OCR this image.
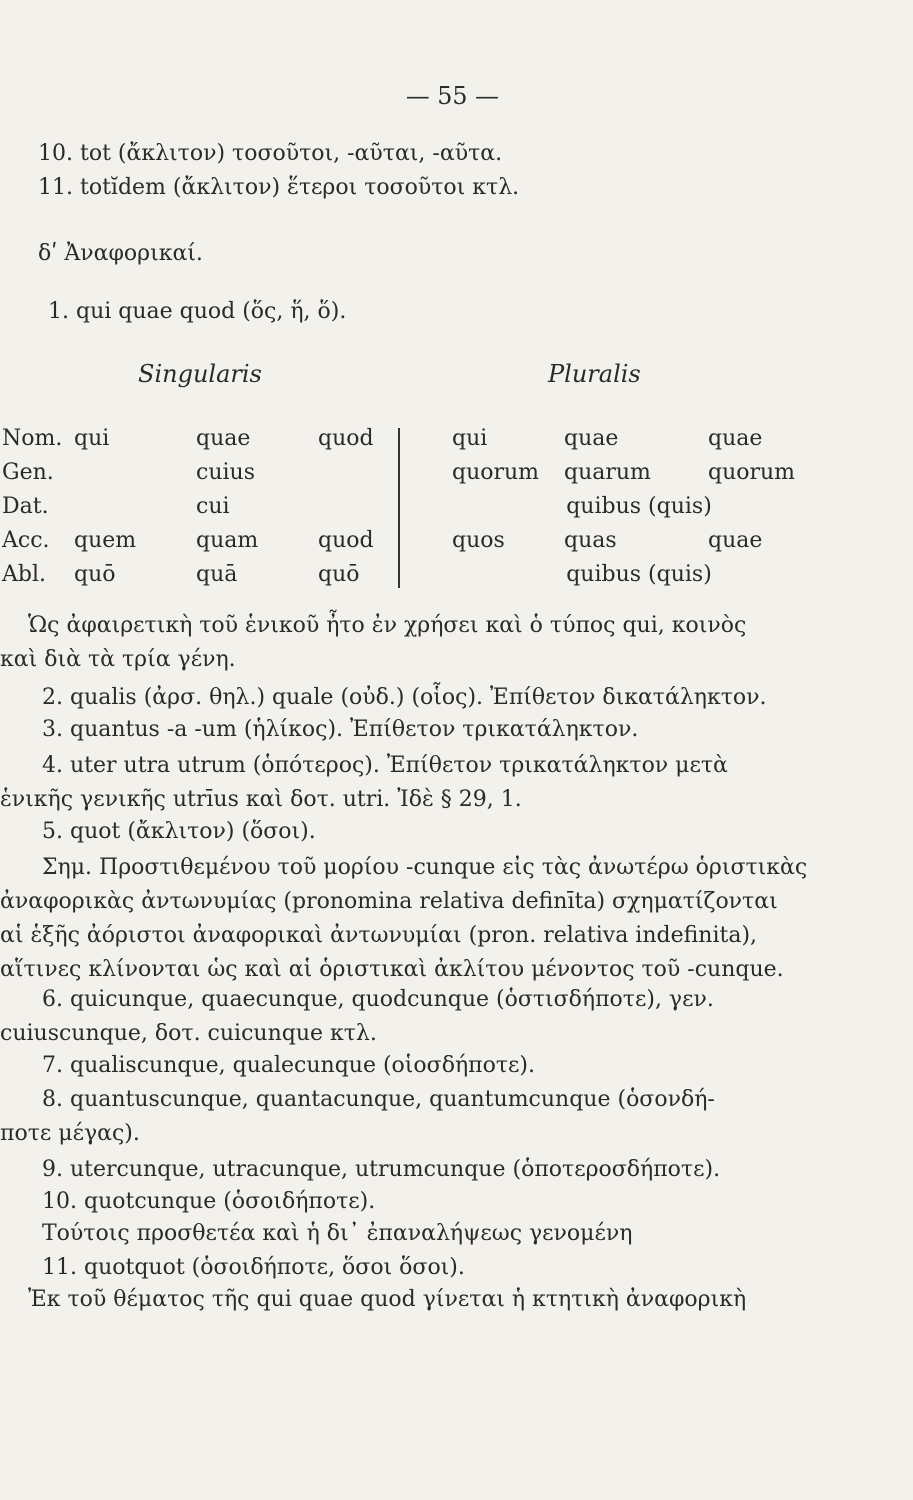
— 55 —
10. tot (ἄκλιτον) τοσοῦτοι, -αῦται, -αῦτα.
11. totĭdem (ἄκλιτον) ἕτεροι τοσοῦτοι κτλ.
δʹ Ἀναφορικαί.
1. qui quae quod (ὅς, ἥ, ὅ).
Singularis	Pluralis
Nom.	qui	quae	quod	qui	quae	quae
Gen.		cuius		quorum	quarum	quorum
Dat.		cui		quibus (quis)		
Acc.	quem	quam	quod	quos	quas	quae
Abl.	quō	quā	quō	quibus (quis)		
Ὡς ἀφαιρετικὴ τοῦ ἑνικοῦ ἦτο ἐν χρήσει καὶ ὁ τύπος qui, κοινὸς
καὶ διὰ τὰ τρία γένη.
2. qualis (ἀρσ. θηλ.) quale (οὐδ.) (οἷος). Ἐπίθετον δικατάληκτον.
3. quantus -a -um (ἡλίκος). Ἐπίθετον τρικατάληκτον.
4. uter utra utrum (ὁπότερος). Ἐπίθετον τρικατάληκτον μετὰ
ἑνικῆς γενικῆς utrīus καὶ δοτ. utri. Ἰδὲ § 29, 1.
5. quot (ἄκλιτον) (ὅσοι).
Σημ. Προστιθεμένου τοῦ μορίου -cunque εἰς τὰς ἀνωτέρω ὁριστικὰς
ἀναφορικὰς ἀντωνυμίας (pronomina relativa definīta) σχηματίζονται
αἱ ἑξῆς ἀόριστοι ἀναφορικαὶ ἀντωνυμίαι (pron. relativa indefinita),
αἵτινες κλίνονται ὡς καὶ αἱ ὁριστικαὶ ἀκλίτου μένοντος τοῦ -cunque.
6. quicunque, quaecunque, quodcunque (ὁστισδήποτε), γεν.
cuiuscunque, δοτ. cuicunque κτλ.
7. qualiscunque, qualecunque (οἱοσδήποτε).
8. quantuscunque, quantacunque, quantumcunque (ὁσονδή-
ποτε μέγας).
9. utercunque, utracunque, utrumcunque (ὁποτεροσδήποτε).
10. quotcunque (ὁσοιδήποτε).
Τούτοις προσθετέα καὶ ἡ δι᾽ ἐπαναλήψεως γενομένη
11. quotquot (ὁσοιδήποτε, ὅσοι ὅσοι).
Ἐκ τοῦ θέματος τῆς qui quae quod γίνεται ἡ κτητικὴ ἀναφορικὴ
